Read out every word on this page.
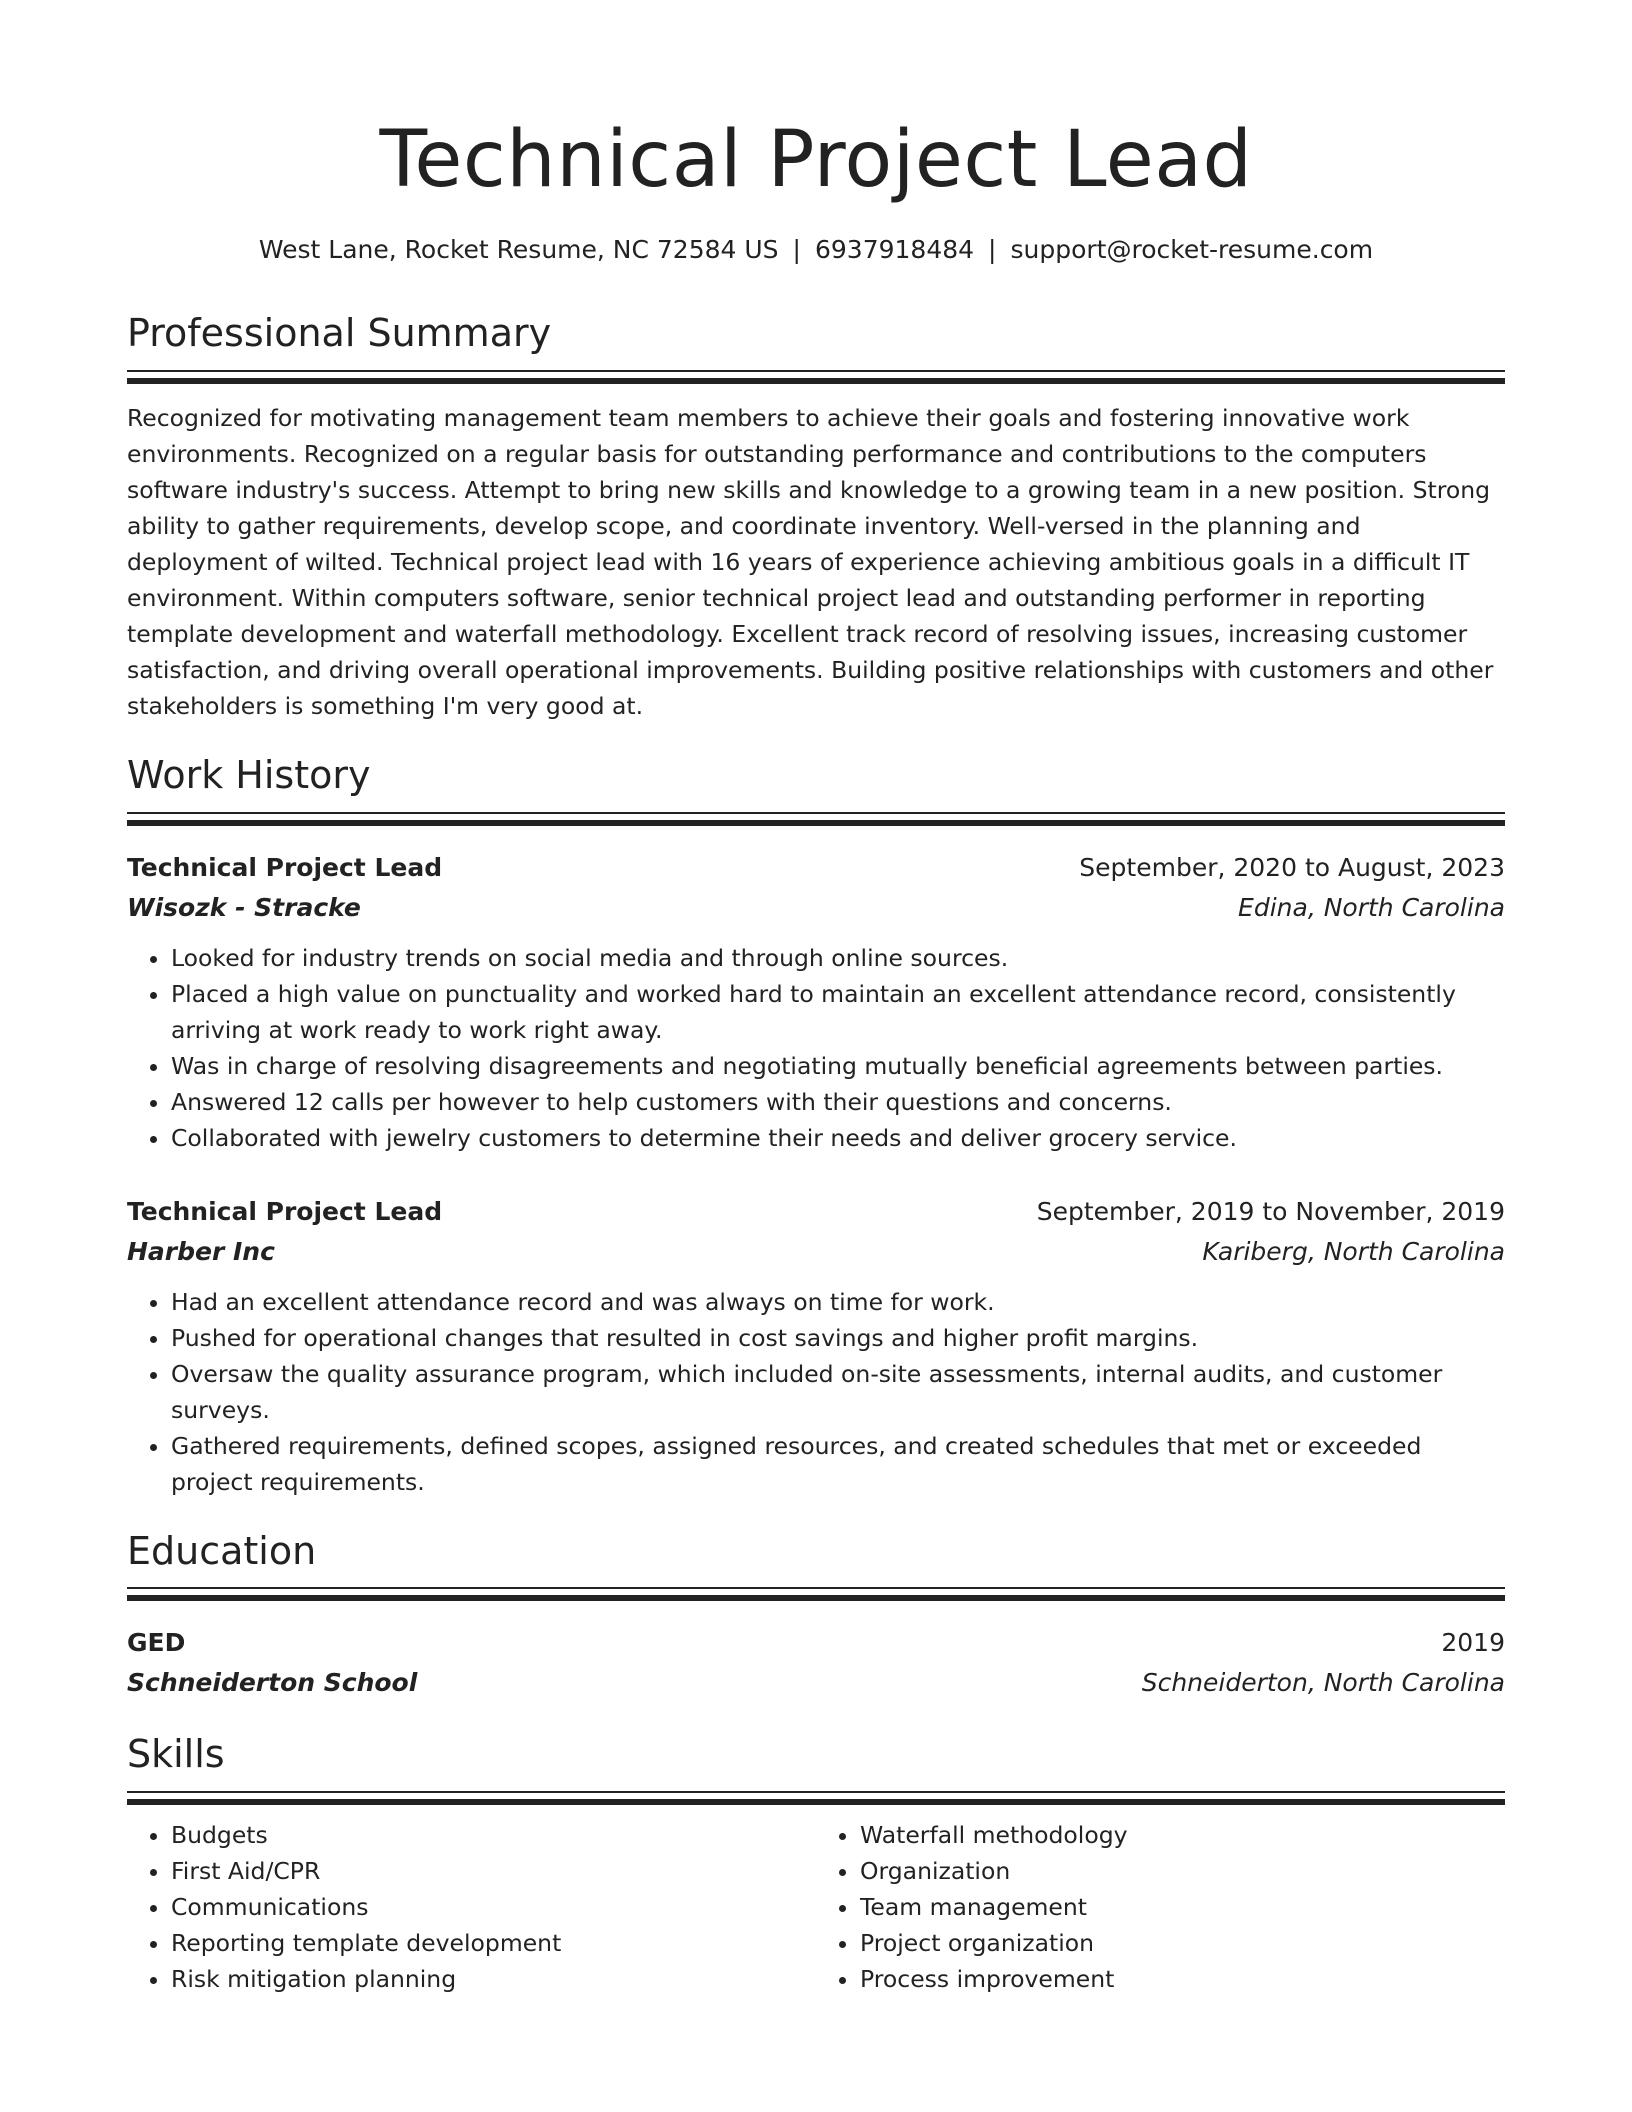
Technical Project Lead
West Lane, Rocket Resume, NC 72584 US | 6937918484 | support@rocket-resume.com
Professional Summary
Recognized for motivating management team members to achieve their goals and fostering innovative work environments. Recognized on a regular basis for outstanding performance and contributions to the computers software industry's success. Attempt to bring new skills and knowledge to a growing team in a new position. Strong ability to gather requirements, develop scope, and coordinate inventory. Well-versed in the planning and deployment of wilted. Technical project lead with 16 years of experience achieving ambitious goals in a difficult IT environment. Within computers software, senior technical project lead and outstanding performer in reporting template development and waterfall methodology. Excellent track record of resolving issues, increasing customer satisfaction, and driving overall operational improvements. Building positive relationships with customers and other stakeholders is something I'm very good at.
Work History
Technical Project Lead	September, 2020 to August, 2023
Wisozk - Stracke	Edina, North Carolina
• Looked for industry trends on social media and through online sources.
• Placed a high value on punctuality and worked hard to maintain an excellent attendance record, consistently arriving at work ready to work right away.
• Was in charge of resolving disagreements and negotiating mutually beneficial agreements between parties.
• Answered 12 calls per however to help customers with their questions and concerns.
• Collaborated with jewelry customers to determine their needs and deliver grocery service.
Technical Project Lead	September, 2019 to November, 2019
Harber Inc	Kariberg, North Carolina
• Had an excellent attendance record and was always on time for work.
• Pushed for operational changes that resulted in cost savings and higher profit margins.
• Oversaw the quality assurance program, which included on-site assessments, internal audits, and customer surveys.
• Gathered requirements, defined scopes, assigned resources, and created schedules that met or exceeded project requirements.
Education
GED	2019
Schneiderton School	Schneiderton, North Carolina
Skills
• Budgets
• First Aid/CPR
• Communications
• Reporting template development
• Risk mitigation planning
• Waterfall methodology
• Organization
• Team management
• Project organization
• Process improvement
